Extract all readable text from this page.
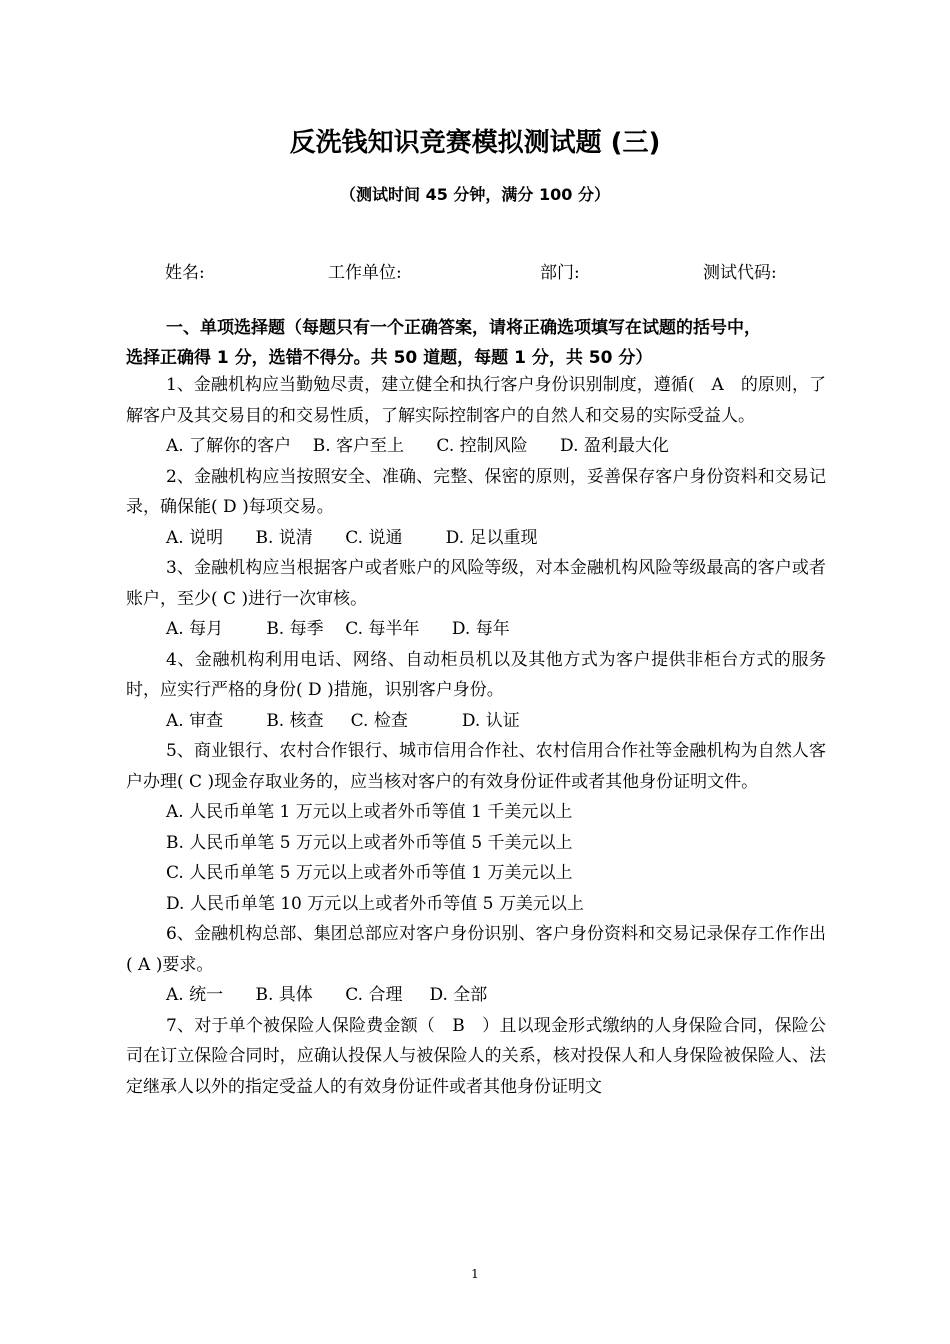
反洗钱知识竞赛模拟测试题 (三)
（测试时间 45 分钟，满分 100 分）
姓名:	工作单位:	部门:	测试代码:
一、单项选择题（每题只有一个正确答案，请将正确选项填写在试题的括号中，
选择正确得 1 分，选错不得分。共 50 道题，每题 1 分，共 50 分）
1、金融机构应当勤勉尽责，建立健全和执行客户身份识别制度，遵循(　A　的原则，了解客户及其交易目的和交易性质，了解实际控制客户的自然人和交易的实际受益人。
A. 了解你的客户    B. 客户至上      C. 控制风险      D. 盈利最大化
2、金融机构应当按照安全、准确、完整、保密的原则，妥善保存客户身份资料和交易记录，确保能( D )每项交易。
A. 说明      B. 说清      C. 说通        D. 足以重现
3、金融机构应当根据客户或者账户的风险等级，对本金融机构风险等级最高的客户或者账户，至少( C )进行一次审核。
A. 每月        B. 每季    C. 每半年      D. 每年
4、金融机构利用电话、网络、自动柜员机以及其他方式为客户提供非柜台方式的服务时，应实行严格的身份( D )措施，识别客户身份。
A. 审查        B. 核查     C. 检查          D. 认证
5、商业银行、农村合作银行、城市信用合作社、农村信用合作社等金融机构为自然人客户办理( C )现金存取业务的，应当核对客户的有效身份证件或者其他身份证明文件。
A. 人民币单笔 1 万元以上或者外币等值 1 千美元以上
B. 人民币单笔 5 万元以上或者外币等值 5 千美元以上
C. 人民币单笔 5 万元以上或者外币等值 1 万美元以上
D. 人民币单笔 10 万元以上或者外币等值 5 万美元以上
6、金融机构总部、集团总部应对客户身份识别、客户身份资料和交易记录保存工作作出( A )要求。
A. 统一      B. 具体      C. 合理     D. 全部
7、对于单个被保险人保险费金额（　B　）且以现金形式缴纳的人身保险合同，保险公司在订立保险合同时，应确认投保人与被保险人的关系，核对投保人和人身保险被保险人、法定继承人以外的指定受益人的有效身份证件或者其他身份证明文
1
